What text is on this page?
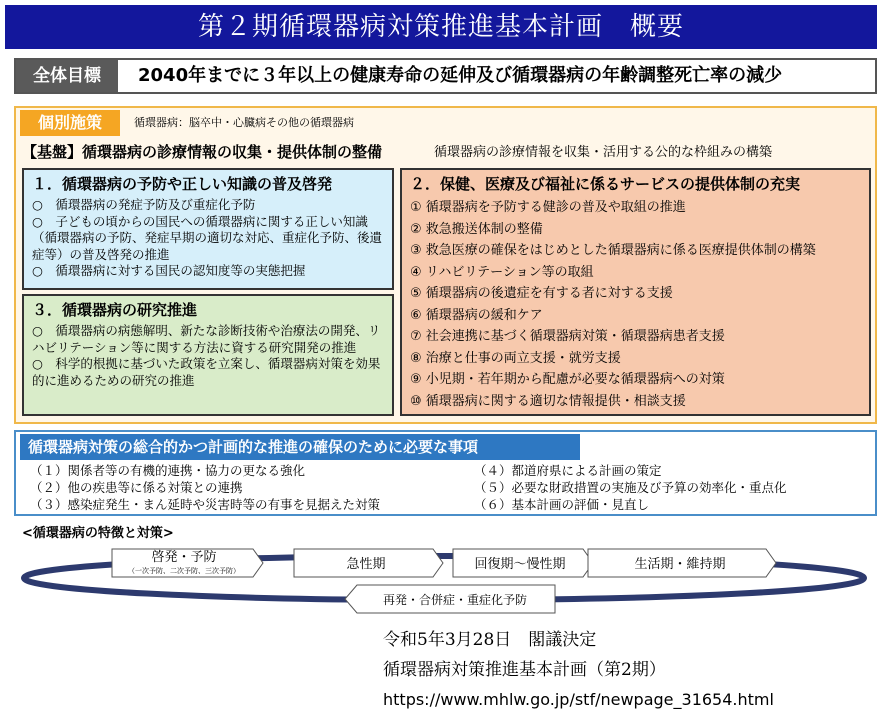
第２期循環器病対策推進基本計画　概要
全体目標	2040年までに３年以上の健康寿命の延伸及び循環器病の年齢調整死亡率の減少
個別施策	循環器病：脳卒中・心臓病その他の循環器病
【基盤】循環器病の診療情報の収集・提供体制の整備	循環器病の診療情報を収集・活用する公的な枠組みの構築
１．循環器病の予防や正しい知識の普及啓発
○　循環器病の発症予防及び重症化予防
○　子どもの頃からの国民への循環器病に関する正しい知識（循環器病の予防、発症早期の適切な対応、重症化予防、後遺症等）の普及啓発の推進
○　循環器病に対する国民の認知度等の実態把握
３．循環器病の研究推進
○　循環器病の病態解明、新たな診断技術や治療法の開発、リハビリテーション等に関する方法に資する研究開発の推進
○　科学的根拠に基づいた政策を立案し、循環器病対策を効果的に進めるための研究の推進
２．保健、医療及び福祉に係るサービスの提供体制の充実
① 循環器病を予防する健診の普及や取組の推進
② 救急搬送体制の整備
③ 救急医療の確保をはじめとした循環器病に係る医療提供体制の構築
④ リハビリテーション等の取組
⑤ 循環器病の後遺症を有する者に対する支援
⑥ 循環器病の緩和ケア
⑦ 社会連携に基づく循環器病対策・循環器病患者支援
⑧ 治療と仕事の両立支援・就労支援
⑨ 小児期・若年期から配慮が必要な循環器病への対策
⑩ 循環器病に関する適切な情報提供・相談支援
循環器病対策の総合的かつ計画的な推進の確保のために必要な事項
（１）関係者等の有機的連携・協力の更なる強化
（２）他の疾患等に係る対策との連携
（３）感染症発生・まん延時や災害時等の有事を見据えた対策
（４）都道府県による計画の策定
（５）必要な財政措置の実施及び予算の効率化・重点化
（６）基本計画の評価・見直し
<循環器病の特徴と対策>
啓発・予防
（一次予防、二次予防、三次予防）	急性期	回復期〜慢性期	生活期・維持期
再発・合併症・重症化予防
令和5年3月28日　閣議決定
循環器病対策推進基本計画（第2期）
https://www.mhlw.go.jp/stf/newpage_31654.html
